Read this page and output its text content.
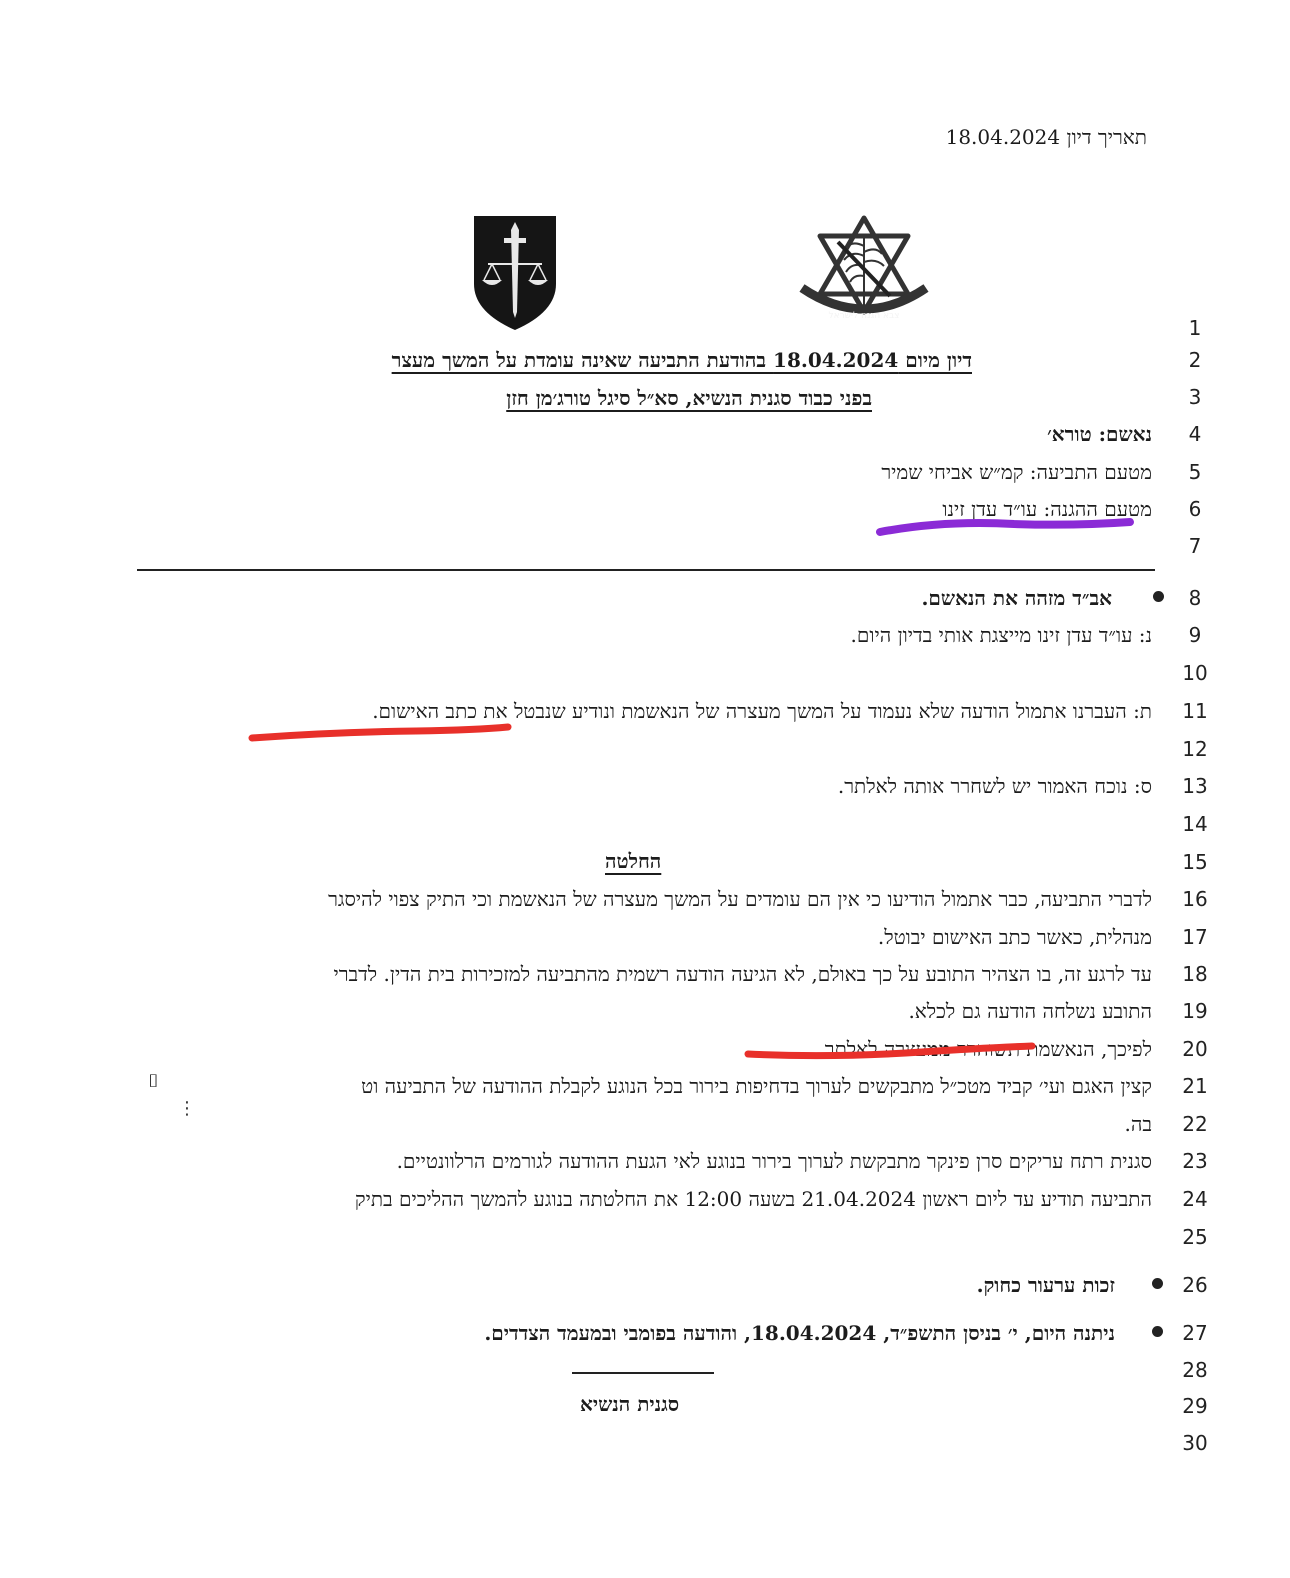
תאריך דיון 18.04.2024
צבא הגנה לישראל	1
2
3
4
5
6
7
8
9
10
11
12
13
14
15
16
17
18
19
20
21
22
23
24
25
26
27
28
29
30
דיון מיום 18.04.2024 בהודעת התביעה שאינה עומדת על המשך מעצר
בפני כבוד סגנית הנשיא, סא״ל סיגל טורג׳מן חזן
נאשם: טורא׳
מטעם התביעה: קמ״ש אביחי שמיר
מטעם ההגנה: עו״ד עדן זינו
אב״ד מזהה את הנאשם.
נ: עו״ד עדן זינו מייצגת אותי בדיון היום.
ת: העברנו אתמול הודעה שלא נעמוד על המשך מעצרה של הנאשמת ונודיע שנבטל את כתב האישום.
ס: נוכח האמור יש לשחרר אותה לאלתר.
החלטה
לדברי התביעה, כבר אתמול הודיעו כי אין הם עומדים על המשך מעצרה של הנאשמת וכי התיק צפוי להיסגר
מנהלית, כאשר כתב האישום יבוטל.
עד לרגע זה, בו הצהיר התובע על כך באולם, לא הגיעה הודעה רשמית מהתביעה למזכירות בית הדין. לדברי
התובע נשלחה הודעה גם לכלא.
לפיכך, הנאשמת תשוחרר ממעצרה לאלתר.
קצין האגם ועי׳ קביד מטכ״ל מתבקשים לערוך בדחיפות בירור בכל הנוגע לקבלת ההודעה של התביעה וט
⌷
⋮
בה.
סגנית רתח עריקים סרן פינקר מתבקשת לערוך בירור בנוגע לאי הגעת ההודעה לגורמים הרלוונטיים.
התביעה תודיע עד ליום ראשון 21.04.2024 בשעה 12:00 את החלטתה בנוגע להמשך ההליכים בתיק
זכות ערעור כחוק.
ניתנה היום, י׳ בניסן התשפ״ד, 18.04.2024, והודעה בפומבי ובמעמד הצדדים.
סגנית הנשיא
